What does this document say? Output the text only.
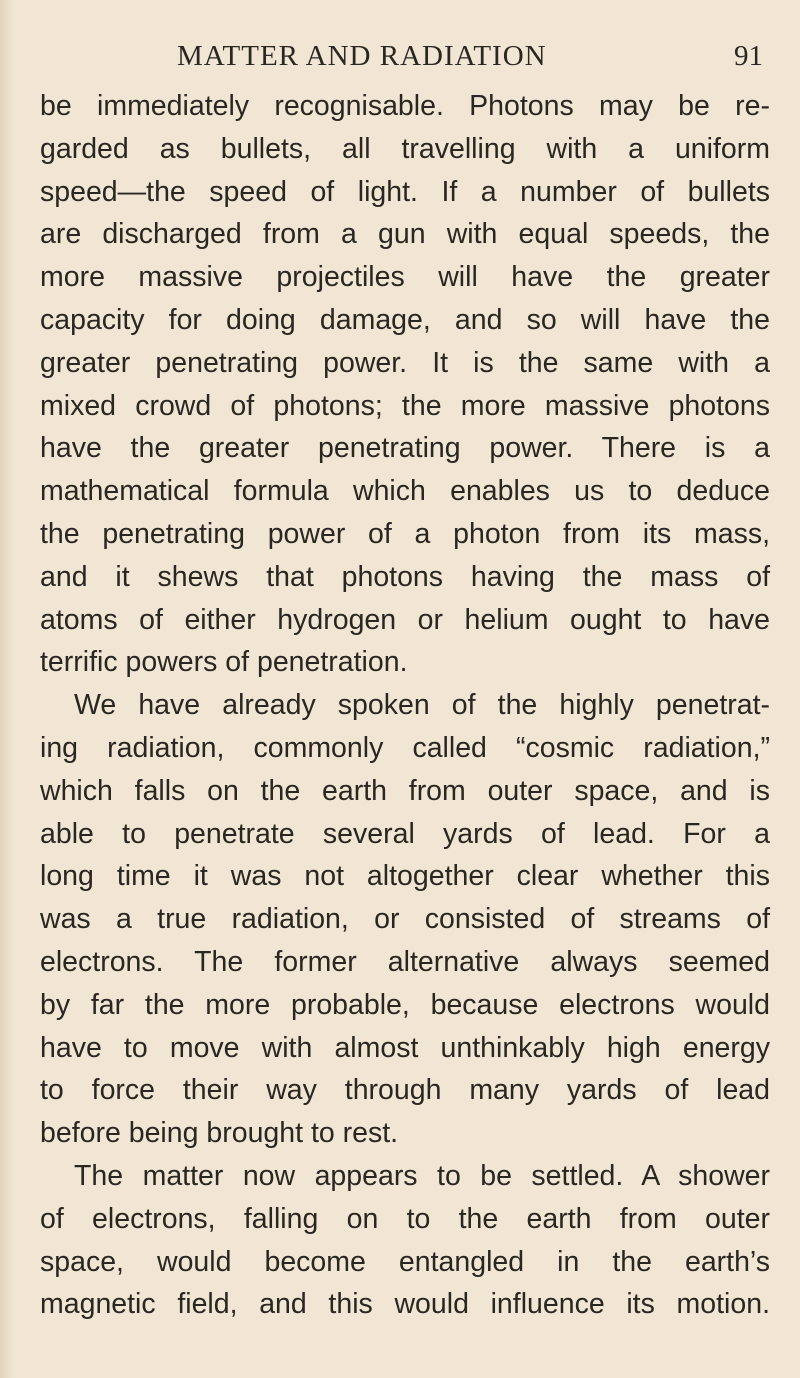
MATTER AND RADIATION	91
be immediately recognisable. Photons may be re-
garded as bullets, all travelling with a uniform
speed—the speed of light. If a number of bullets
are discharged from a gun with equal speeds, the
more massive projectiles will have the greater
capacity for doing damage, and so will have the
greater penetrating power. It is the same with a
mixed crowd of photons; the more massive photons
have the greater penetrating power. There is a
mathematical formula which enables us to deduce
the penetrating power of a photon from its mass,
and it shews that photons having the mass of
atoms of either hydrogen or helium ought to have
terrific powers of penetration.
We have already spoken of the highly penetrat-
ing radiation, commonly called “cosmic radiation,”
which falls on the earth from outer space, and is
able to penetrate several yards of lead. For a
long time it was not altogether clear whether this
was a true radiation, or consisted of streams of
electrons. The former alternative always seemed
by far the more probable, because electrons would
have to move with almost unthinkably high energy
to force their way through many yards of lead
before being brought to rest.
The matter now appears to be settled. A shower
of electrons, falling on to the earth from outer
space, would become entangled in the earth’s
magnetic field, and this would influence its motion.
